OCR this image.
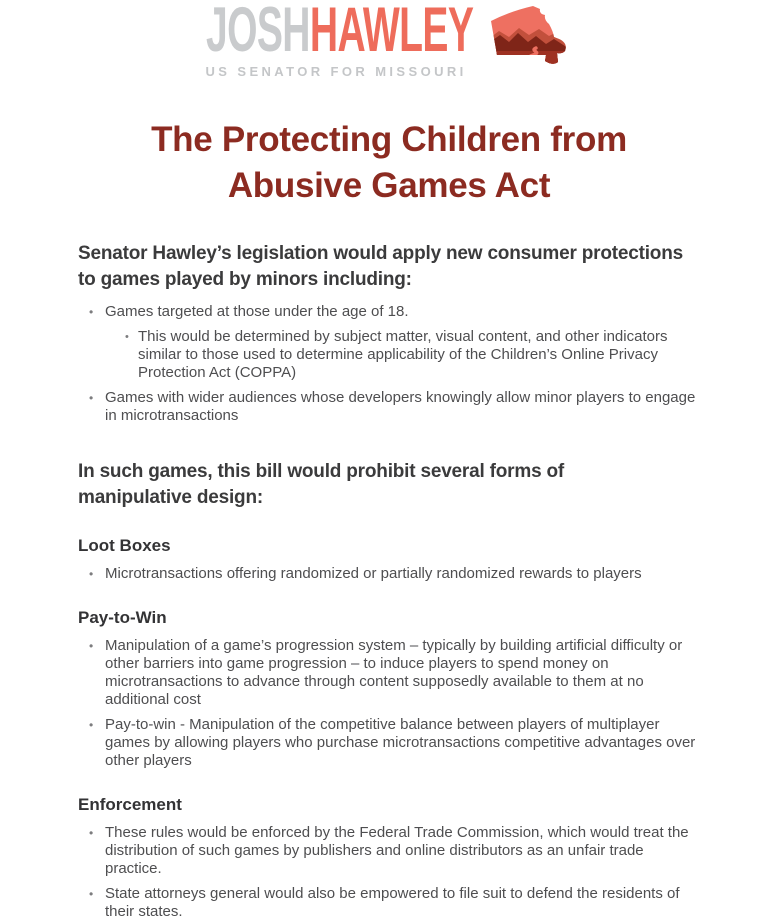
JOSHHAWLEY
US SENATOR FOR MISSOURI
The Protecting Children from
Abusive Games Act
Senator Hawley’s legislation would apply new consumer protections
to games played by minors including:
• Games targeted at those under the age of 18.
• This would be determined by subject matter, visual content, and other indicators similar to those used to determine applicability of the Children’s Online Privacy Protection Act (COPPA)
• Games with wider audiences whose developers knowingly allow minor players to engage in microtransactions
In such games, this bill would prohibit several forms of
manipulative design:
Loot Boxes
• Microtransactions offering randomized or partially randomized rewards to players
Pay-to-Win
• Manipulation of a game’s progression system – typically by building artificial difficulty or other barriers into game progression – to induce players to spend money on microtransactions to advance through content supposedly available to them at no additional cost
• Pay-to-win - Manipulation of the competitive balance between players of multiplayer games by allowing players who purchase microtransactions competitive advantages over other players
Enforcement
• These rules would be enforced by the Federal Trade Commission, which would treat the distribution of such games by publishers and online distributors as an unfair trade practice.
• State attorneys general would also be empowered to file suit to defend the residents of their states.
